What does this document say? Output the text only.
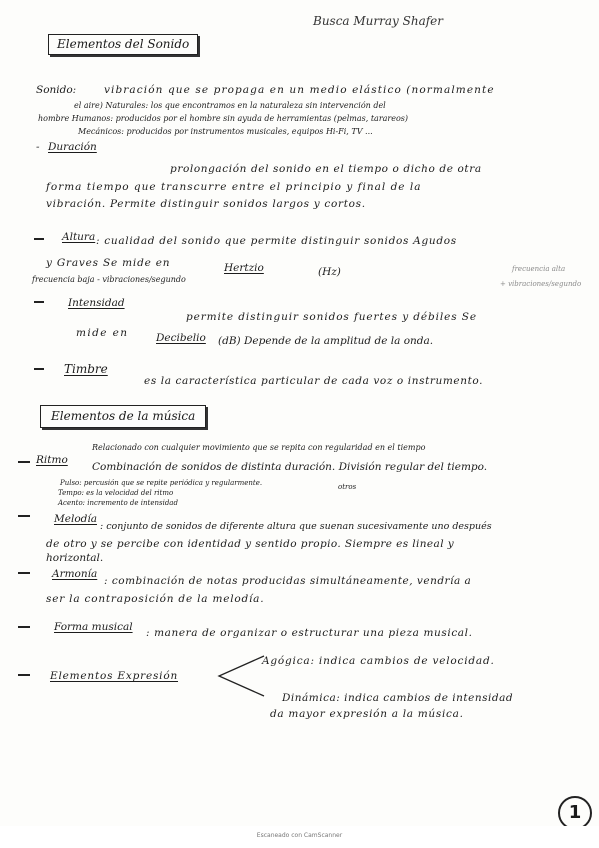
Busca Murray Shafer
Elementos del Sonido
Sonido:	vibración que se propaga en un medio elástico (normalmente
el aire) Naturales: los que encontramos en la naturaleza sin intervención del
hombre Humanos: producidos por el hombre sin ayuda de herramientas (pelmas, tarareos)
Mecánicos: producidos por instrumentos musicales, equipos Hi-Fi, TV ...
- Duración
prolongación del sonido en el tiempo o dicho de otra
forma tiempo que transcurre entre el principio y final de la
vibración. Permite distinguir sonidos largos y cortos.
Altura : cualidad del sonido que permite distinguir sonidos Agudos
y Graves Se mide en	Hertzio	(Hz)
frecuencia baja - vibraciones/segundo
frecuencia alta
+ vibraciones/segundo
Intensidad
permite distinguir sonidos fuertes y débiles Se
mide en	Decibelio (dB) Depende de la amplitud de la onda.
Timbre
es la característica particular de cada voz o instrumento.
Elementos de la música
Relacionado con cualquier movimiento que se repita con regularidad en el tiempo
Ritmo
Combinación de sonidos de distinta duración. División regular del tiempo.
Pulso: percusión que se repite periódica y regularmente.
Tempo: es la velocidad del ritmo
Acento: incremento de intensidad
otros
Melodía
: conjunto de sonidos de diferente altura que suenan sucesivamente uno después
de otro y se percibe con identidad y sentido propio. Siempre es lineal y
horizontal.
Armonía
: combinación de notas producidas simultáneamente, vendría a
ser la contraposición de la melodía.
Forma musical : manera de organizar o estructurar una pieza musical.
Elementos Expresión
Agógica: indica cambios de velocidad.
Dinámica: indica cambios de intensidad
da mayor expresión a la música.
1
Escaneado con CamScanner
